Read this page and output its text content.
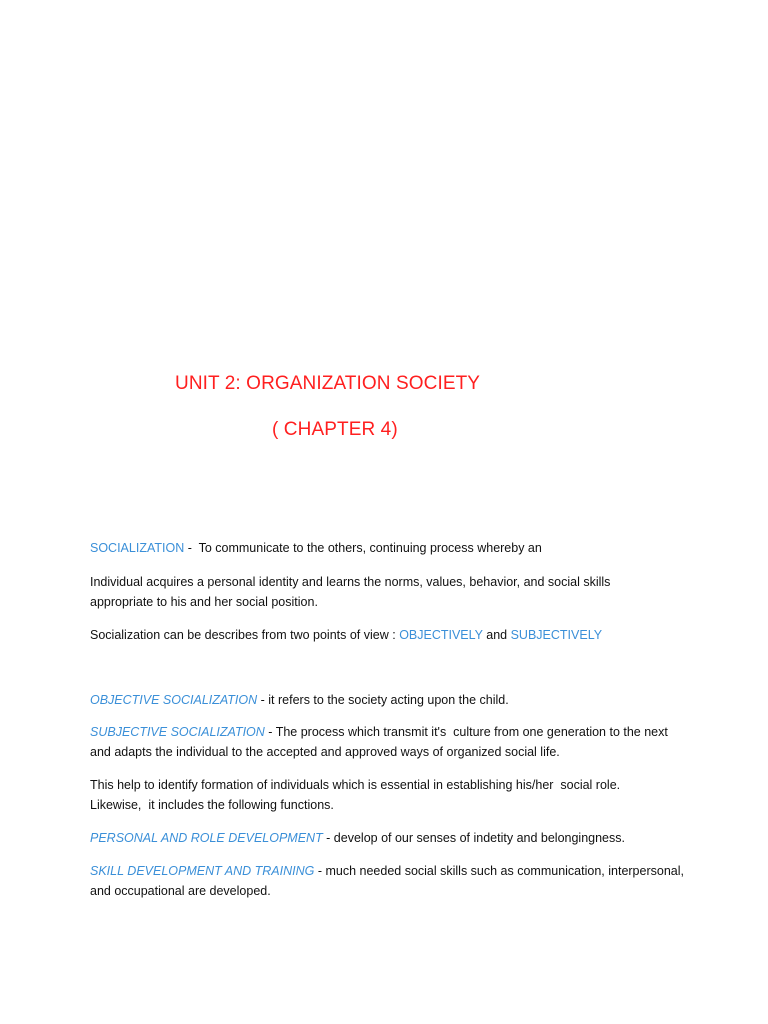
UNIT 2: ORGANIZATION SOCIETY
( CHAPTER 4)
SOCIALIZATION -  To communicate to the others, continuing process whereby an
Individual acquires a personal identity and learns the norms, values, behavior, and social skills
appropriate to his and her social position.
Socialization can be describes from two points of view : OBJECTIVELY and SUBJECTIVELY
OBJECTIVE SOCIALIZATION - it refers to the society acting upon the child.
SUBJECTIVE SOCIALIZATION - The process which transmit it's  culture from one generation to the next
and adapts the individual to the accepted and approved ways of organized social life.
This help to identify formation of individuals which is essential in establishing his/her  social role.
Likewise,  it includes the following functions.
PERSONAL AND ROLE DEVELOPMENT - develop of our senses of indetity and belongingness.
SKILL DEVELOPMENT AND TRAINING - much needed social skills such as communication, interpersonal,
and occupational are developed.
